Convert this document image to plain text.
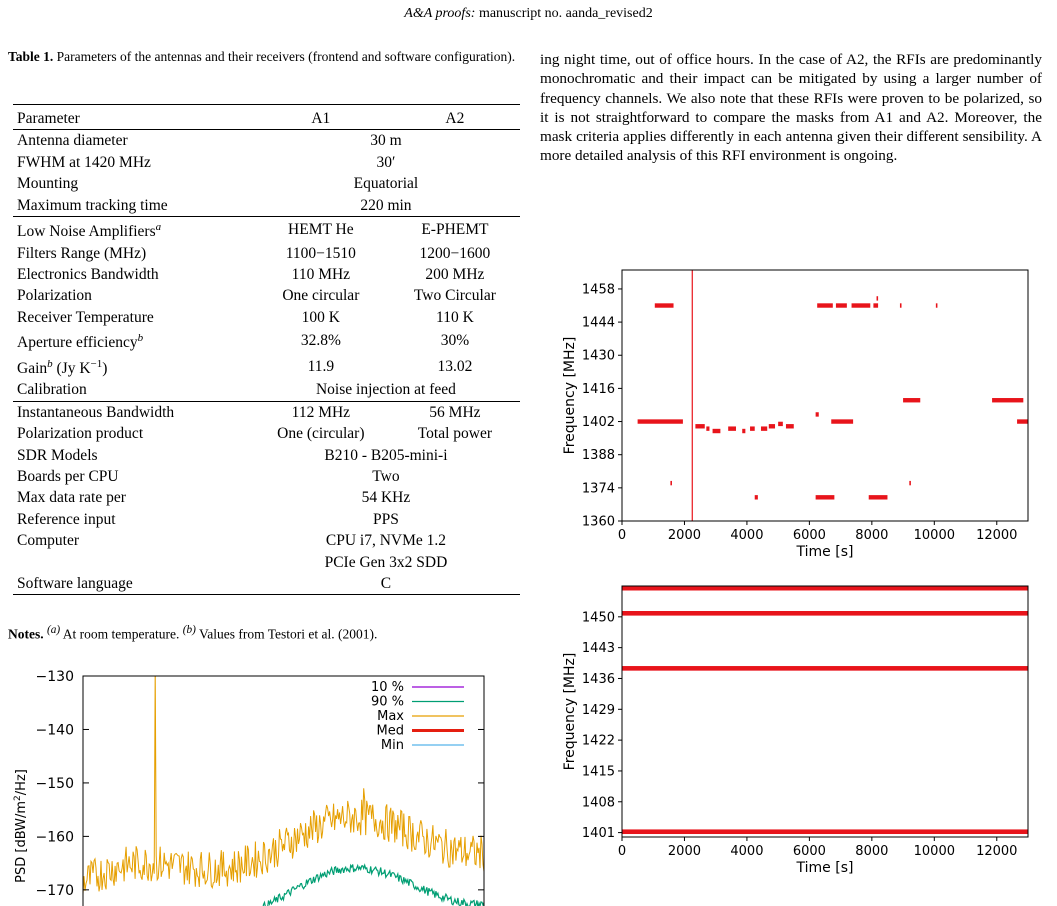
A&A proofs: manuscript no. aanda_revised2
Table 1. Parameters of the antennas and their receivers (frontend and software configuration).
Parameter	A1	A2
Antenna diameter	30 m	
FWHM at 1420 MHz	30′	
Mounting	Equatorial	
Maximum tracking time	220 min	
Low Noise Amplifiers$^a$	HEMT He	E-PHEMT
Filters Range (MHz)	1100−1510	1200−1600
Electronics Bandwidth	110 MHz	200 MHz
Polarization	One circular	Two Circular
Receiver Temperature	100 K	110 K
Aperture efficiency$^b$	32.8%	30%
Gain$^b$ (Jy $K^{-1}$)	11.9	13.02
Calibration	Noise injection at feed	
Instantaneous Bandwidth	112 MHz	56 MHz
Polarization product	One (circular)	Total power
SDR Models	B210 - B205-mini-i	
Boards per CPU	Two	
Max data rate per	54 KHz	
Reference input	PPS	
Computer	CPU i7, NVMe 1.2	
	PCIe Gen 3x2 SDD	
Software language	C	
Notes. $^{(a)}$ At room temperature. $^{(b)}$ Values from Testori et al. (2001).
ing night time, out of office hours. In the case of A2, the RFIs are predominantly monochromatic and their impact can be mitigated by using a larger number of frequency channels. We also note that these RFIs were proven to be polarized, so it is not straightforward to compare the masks from A1 and A2. Moreover, the mask criteria applies differently in each antenna given their different sensibility. A more detailed analysis of this RFI environment is ongoing.
0	2000 4000 6000 8000 10000 12000
1360
1374
1388
1402
1416
1430
1444
1458
Time [s]
Frequency [MHz]
0	2000 4000 6000 8000 10000 12000
1401
1408
1415
1422
1429
1436
1443
1450
Time [s]
Frequency [MHz]
−170
−160
−150
−140
−130
PSD $[dBW/m^2/Hz]$
10 %
90 %
Max
Med
Min
